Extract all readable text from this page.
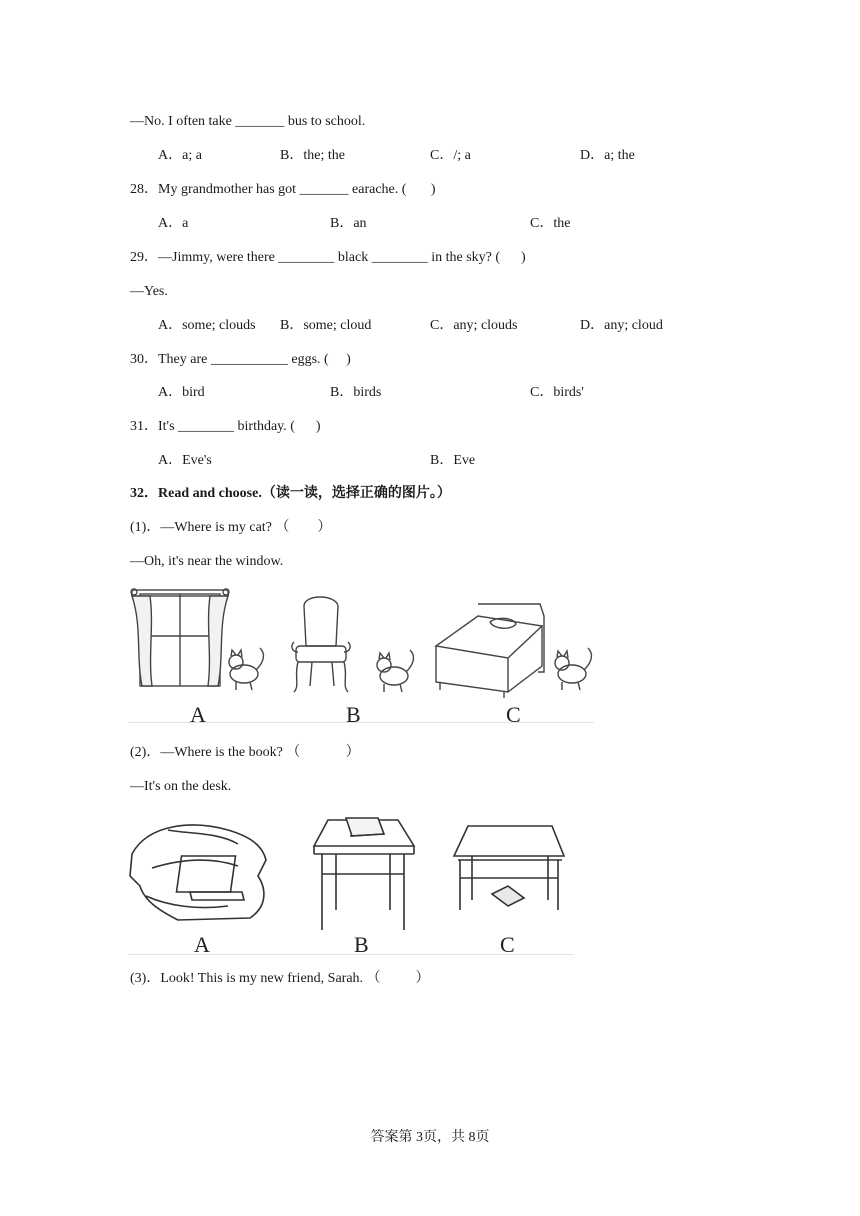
—No. I often take _______ bus to school.
A．a; a	B．the; the	C．/; a	D．a; the
28．My grandmother has got _______ earache. (       )
A．a	B．an	C．the
29．—Jimmy, were there ________ black ________ in the sky? (      )
—Yes.
A．some; clouds B．some; cloud	C．any; clouds	D．any; cloud
30．They are ___________ eggs. (     )
A．bird	B．birds	C．birds'
31．It's ________ birthday. (      )
A．Eve's	B．Eve
32．Read and choose.（读一读，选择正确的图片。）
(1)．—Where is my cat? （        ）
—Oh, it's near the window.
A	B	C
(2)．—Where is the book? （             ）
—It's on the desk.
A	B	C
(3)．Look! This is my new friend, Sarah. （          ）
答案第 3页，共 8页
